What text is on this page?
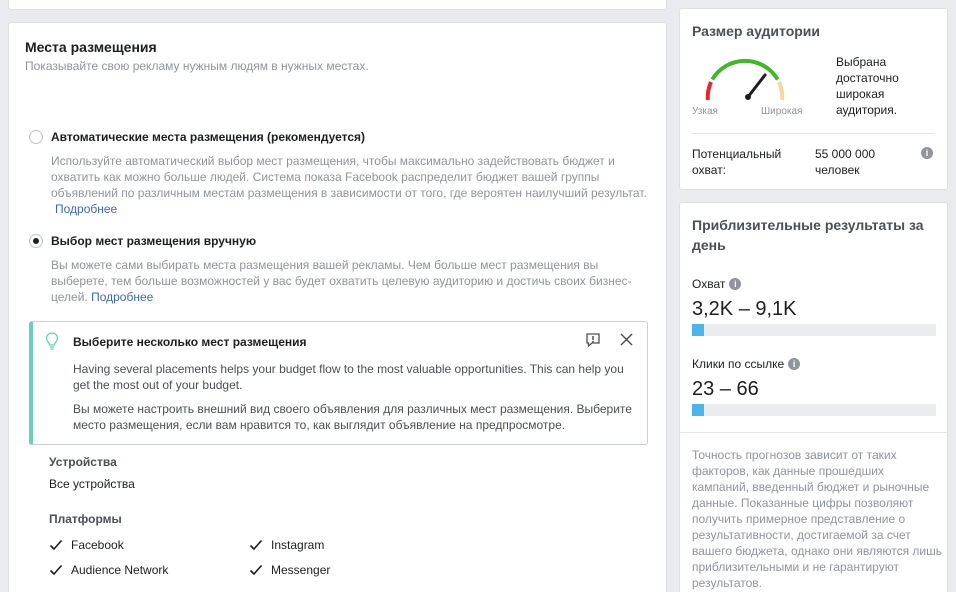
Места размещения
Показывайте свою рекламу нужным людям в нужных местах.
Автоматические места размещения (рекомендуется)
Используйте автоматический выбор мест размещения, чтобы максимально задействовать бюджет и охватить как можно больше людей. Система показа Facebook распределит бюджет вашей группы объявлений по различным местам размещения в зависимости от того, где вероятен наилучший результат. Подробнее
Выбор мест размещения вручную
Вы можете сами выбирать места размещения вашей рекламы. Чем больше мест размещения вы выберете, тем больше возможностей у вас будет охватить целевую аудиторию и достичь своих бизнес-целей. Подробнее
Выберите несколько мест размещения
Having several placements helps your budget flow to the most valuable opportunities. This can help you get the most out of your budget.
Вы можете настроить внешний вид своего объявления для различных мест размещения. Выберите место размещения, если вам нравится то, как выглядит объявление на предпросмотре.
Устройства
Все устройства
Платформы
Facebook	Instagram
Audience Network	Messenger
Размер аудитории
Узкая	Широкая
Выбрана достаточно широкая аудитория.
Потенциальный охват:
55 000 000 человек
i
Приблизительные результаты за день
Охват i
3,2K – 9,1K
Клики по ссылке i
23 – 66
Точность прогнозов зависит от таких факторов, как данные прошедших кампаний, введенный бюджет и рыночные данные. Показанные цифры позволяют получить примерное представление о результативности, достигаемой за счет вашего бюджета, однако они являются лишь приблизительными и не гарантируют результатов.
